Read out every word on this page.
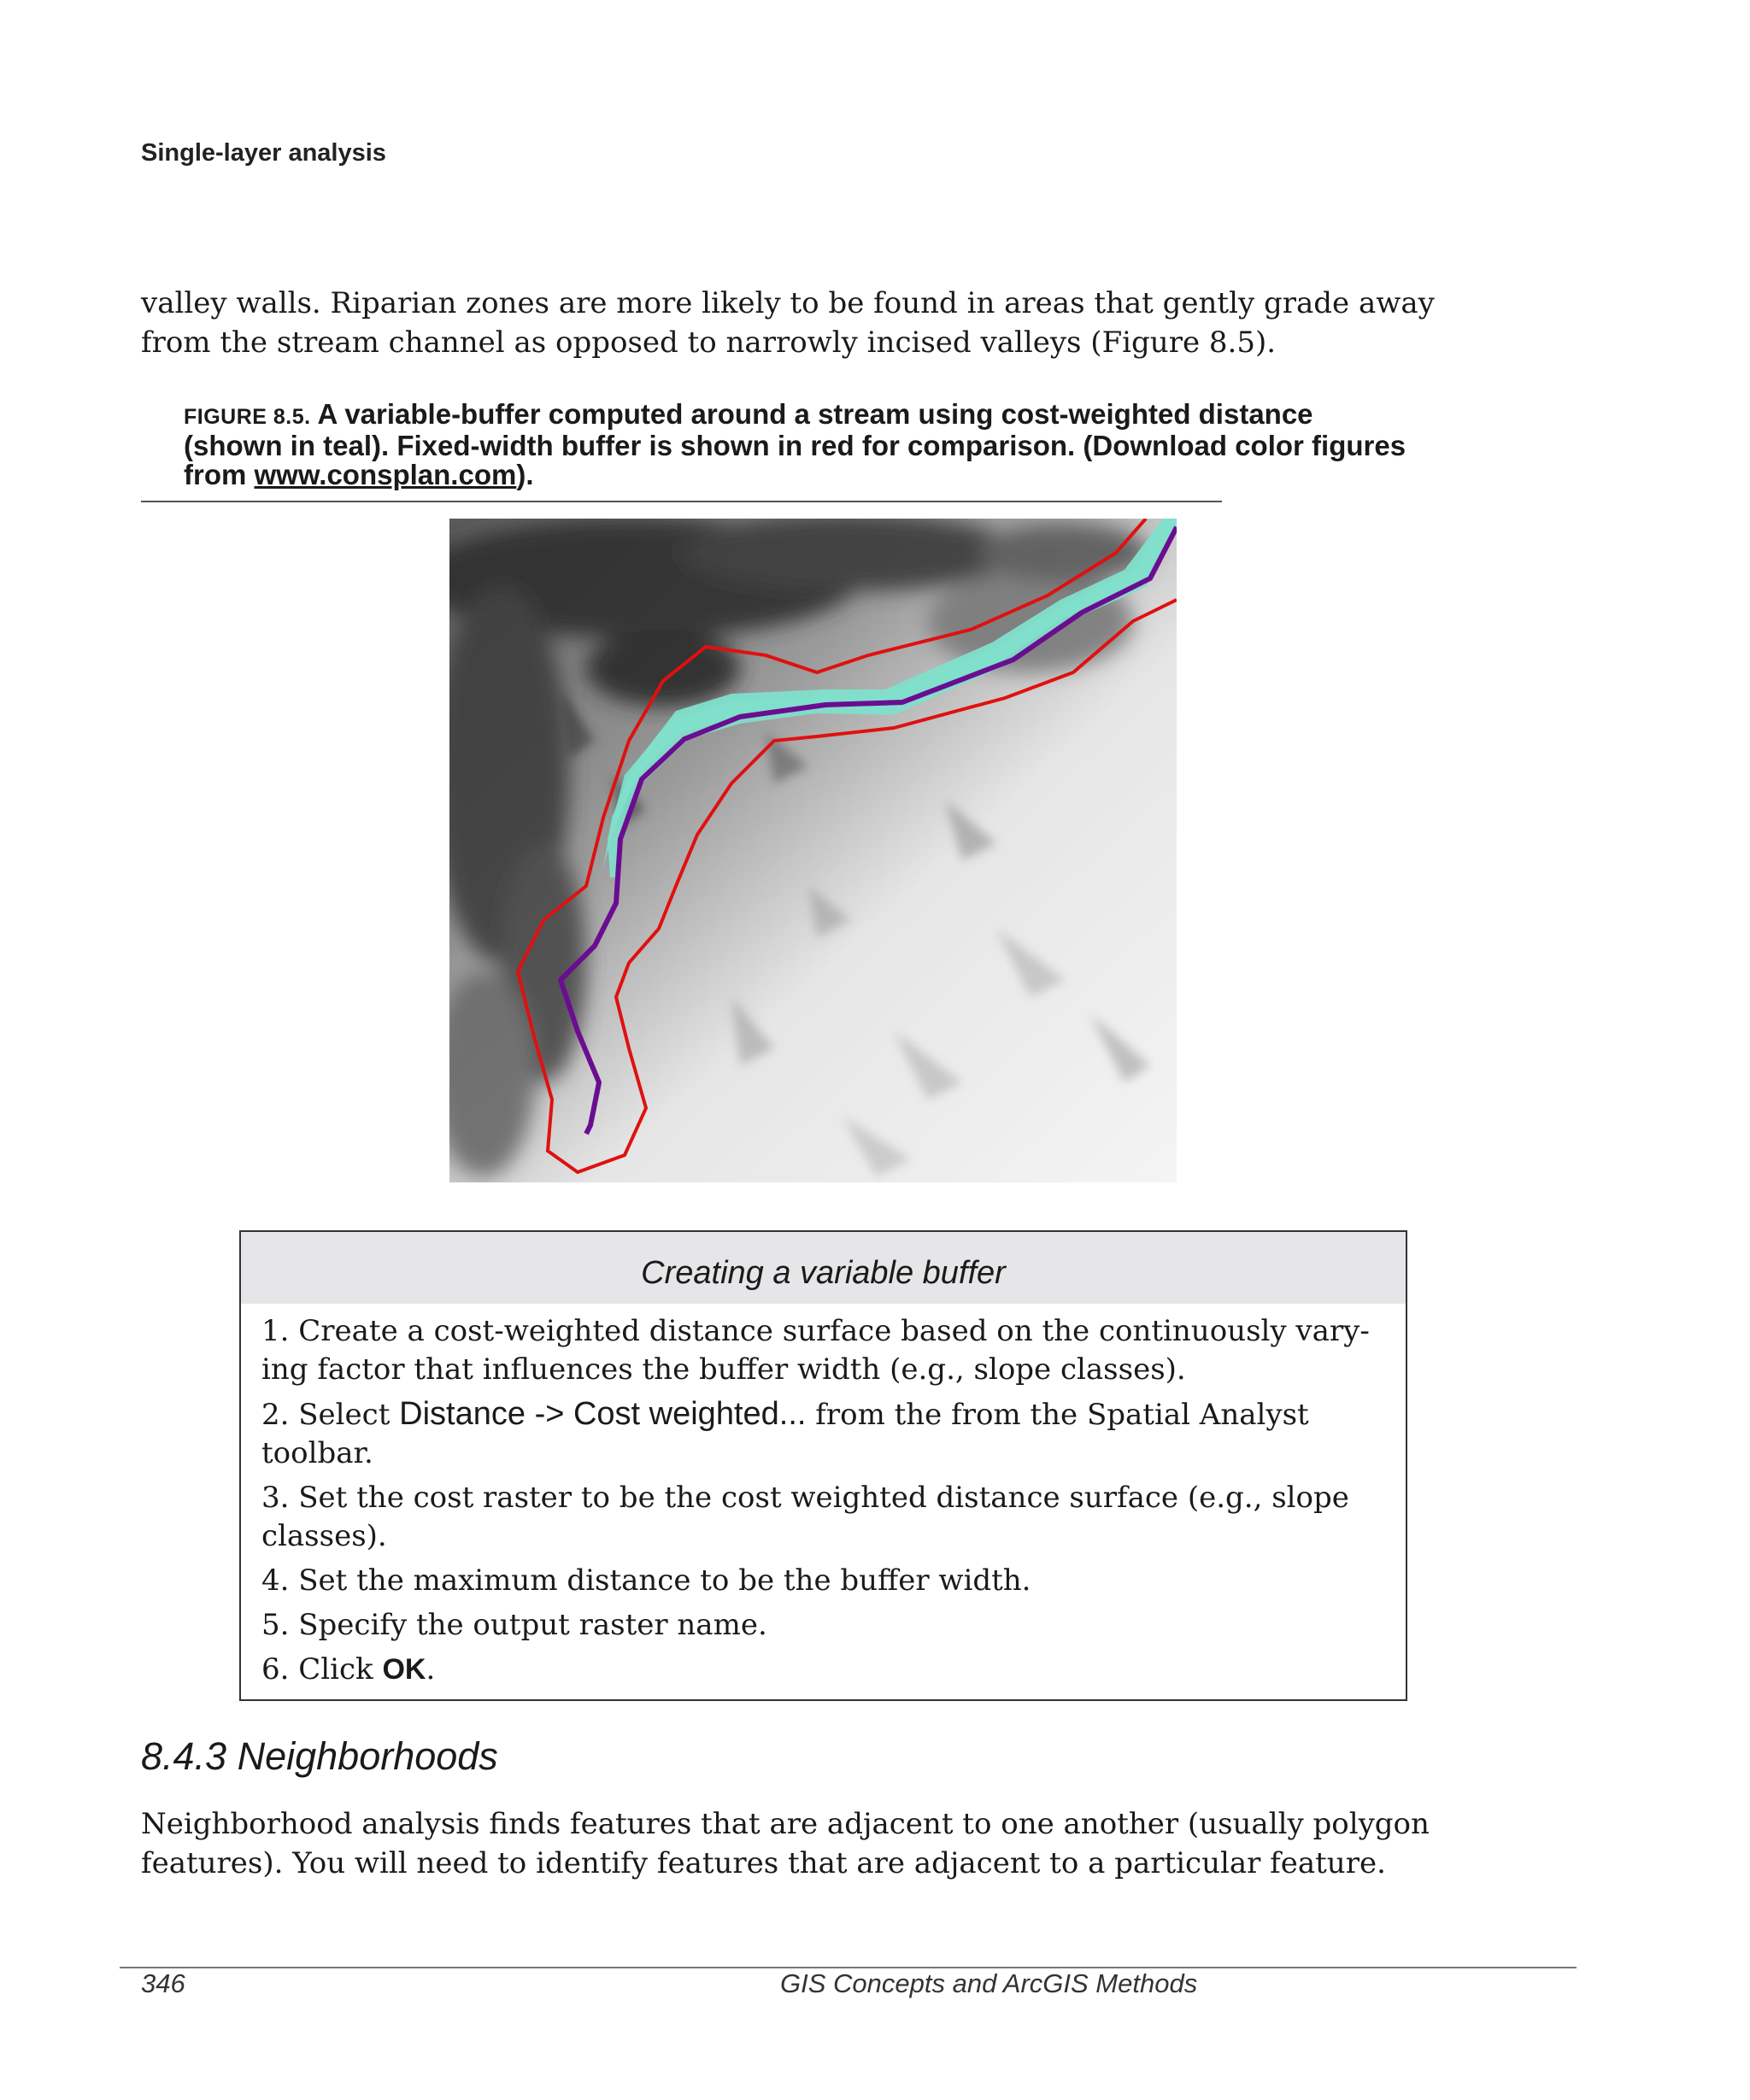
Single-layer analysis
valley walls. Riparian zones are more likely to be found in areas that gently grade away
from the stream channel as opposed to narrowly incised valleys (Figure 8.5).
FIGURE 8.5. A variable-buffer computed around a stream using cost-weighted distance
(shown in teal). Fixed-width buffer is shown in red for comparison. (Download color figures
from www.consplan.com).
Creating a variable buffer
1. Create a cost-weighted distance surface based on the continuously vary-
ing factor that influences the buffer width (e.g., slope classes).
2. Select Distance -> Cost weighted... from the from the Spatial Analyst
toolbar.
3. Set the cost raster to be the cost weighted distance surface (e.g., slope
classes).
4. Set the maximum distance to be the buffer width.
5. Specify the output raster name.
6. Click OK.
8.4.3 Neighborhoods
Neighborhood analysis finds features that are adjacent to one another (usually polygon
features). You will need to identify features that are adjacent to a particular feature.
346	GIS Concepts and ArcGIS Methods
